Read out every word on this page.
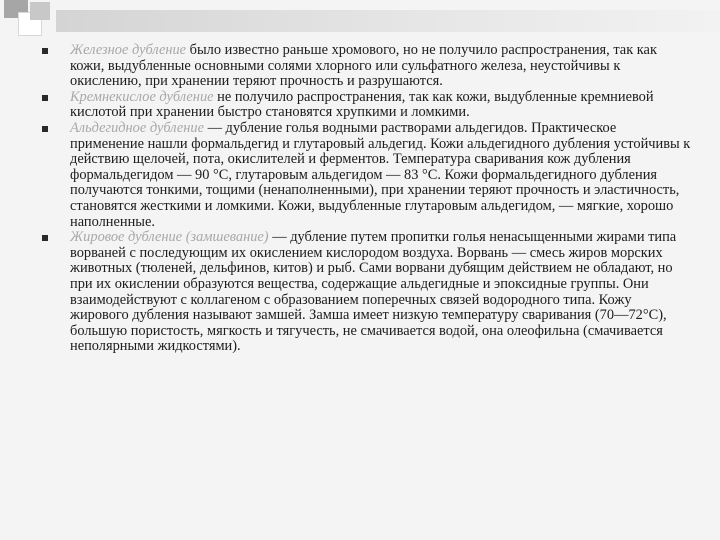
Железное дубление было известно раньше хромового, но не получило распространения, так как кожи, выдубленные основными солями хлорного или сульфатного железа, неустойчивы к окислению, при хранении теряют прочность и разрушаются.
Кремнекислое дубление не получило распространения, так как кожи, выдубленные кремниевой кислотой при хранении быстро становятся хрупкими и ломкими.
Альдегидное дубление — дубление голья водными растворами альдегидов. Практическое применение нашли формальдегид и глутаровый альдегид. Кожи альдегидного дубления устойчивы к действию щелочей, пота, окислителей и ферментов. Температура сваривания кож дубления формальдегидом — 90 °С, глутаровым альдегидом — 83 °С. Кожи формальдегидного дубления получаются тонкими, тощими (ненаполненными), при хранении теряют прочность и эластичность, становятся жесткими и ломкими. Кожи, выдубленные глутаровым альдегидом, — мягкие, хорошо наполненные.
Жировое дубление (замшевание) — дубление путем пропитки голья ненасыщенными жирами типа ворваней с последующим их окислением кислородом воздуха. Ворвань — смесь жиров морских животных (тюленей, дельфинов, китов) и рыб. Сами ворвани дубящим действием не обладают, но при их окислении образуются вещества, содержащие альдегидные и эпоксидные группы. Они взаимодействуют с коллагеном с образованием поперечных связей водородного типа. Кожу жирового дубления называют замшей. Замша имеет низкую температуру сваривания (70—72°С), большую пористость, мягкость и тягучесть, не смачивается водой, она олеофильна (смачивается неполярными жидкостями).
